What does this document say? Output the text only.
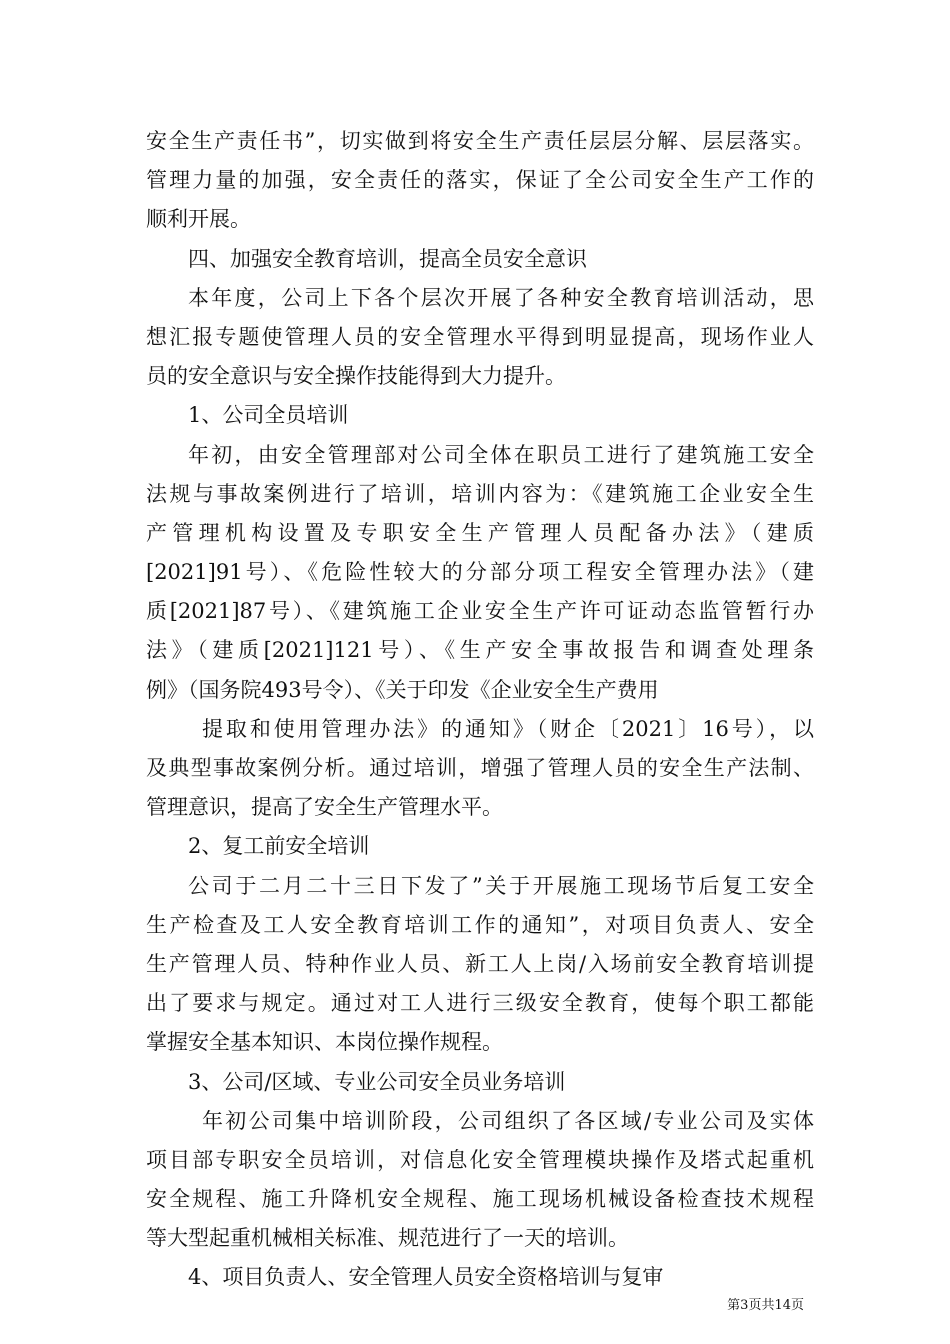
安全生产责任书”，切实做到将安全生产责任层层分解、层层落实。
管理力量的加强，安全责任的落实，保证了全公司安全生产工作的
顺利开展。
四、加强安全教育培训，提高全员安全意识
本年度，公司上下各个层次开展了各种安全教育培训活动，思
想汇报专题使管理人员的安全管理水平得到明显提高，现场作业人
员的安全意识与安全操作技能得到大力提升。
1、公司全员培训
年初，由安全管理部对公司全体在职员工进行了建筑施工安全
法规与事故案例进行了培训，培训内容为：《建筑施工企业安全生
产管理机构设置及专职安全生产管理人员配备办法》（建质
[2021]91号）、《危险性较大的分部分项工程安全管理办法》（建
质[2021]87号）、《建筑施工企业安全生产许可证动态监管暂行办
法》（建质[2021]121号）、《生产安全事故报告和调查处理条
例》（国务院493号令）、《关于印发《企业安全生产费用
提取和使用管理办法》的通知》（财企〔2021〕16号），以
及典型事故案例分析。通过培训，增强了管理人员的安全生产法制、
管理意识，提高了安全生产管理水平。
2、复工前安全培训
公司于二月二十三日下发了”关于开展施工现场节后复工安全
生产检查及工人安全教育培训工作的通知”，对项目负责人、安全
生产管理人员、特种作业人员、新工人上岗/入场前安全教育培训提
出了要求与规定。通过对工人进行三级安全教育，使每个职工都能
掌握安全基本知识、本岗位操作规程。
3、公司/区域、专业公司安全员业务培训
年初公司集中培训阶段，公司组织了各区域/专业公司及实体
项目部专职安全员培训，对信息化安全管理模块操作及塔式起重机
安全规程、施工升降机安全规程、施工现场机械设备检查技术规程
等大型起重机械相关标准、规范进行了一天的培训。
4、项目负责人、安全管理人员安全资格培训与复审
第3页共14页
